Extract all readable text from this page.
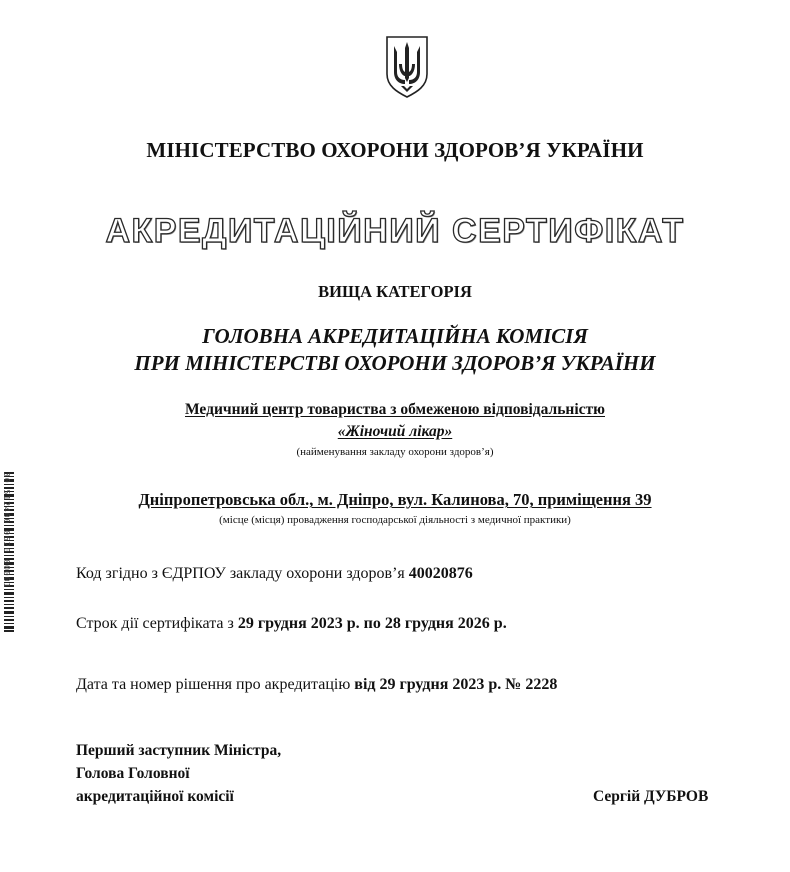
МІНІСТЕРСТВО ОХОРОНИ ЗДОРОВ’Я УКРАЇНИ
АКРЕДИТАЦІЙНИЙ СЕРТИФІКАТ
ВИЩА КАТЕГОРІЯ
ГОЛОВНА АКРЕДИТАЦІЙНА КОМІСІЯ
ПРИ МІНІСТЕРСТВІ ОХОРОНИ ЗДОРОВ’Я УКРАЇНИ
Медичний центр товариства з обмеженою відповідальністю
«Жіночий лікар»
(найменування закладу охорони здоров’я)
Дніпропетровська обл., м. Дніпро, вул. Калинова, 70, приміщення 39
(місце (місця) провадження господарської діяльності з медичної практики)
Код згідно з ЄДРПОУ закладу охорони здоров’я 40020876
Строк дії сертифіката з 29 грудня 2023 р. по 28 грудня 2026 р.
Дата та номер рішення про акредитацію від 29 грудня 2023 р. № 2228
Перший заступник Міністра,
Голова Головної
акредитаційної комісії	Сергій ДУБРОВ
30 512400 0620 00001
